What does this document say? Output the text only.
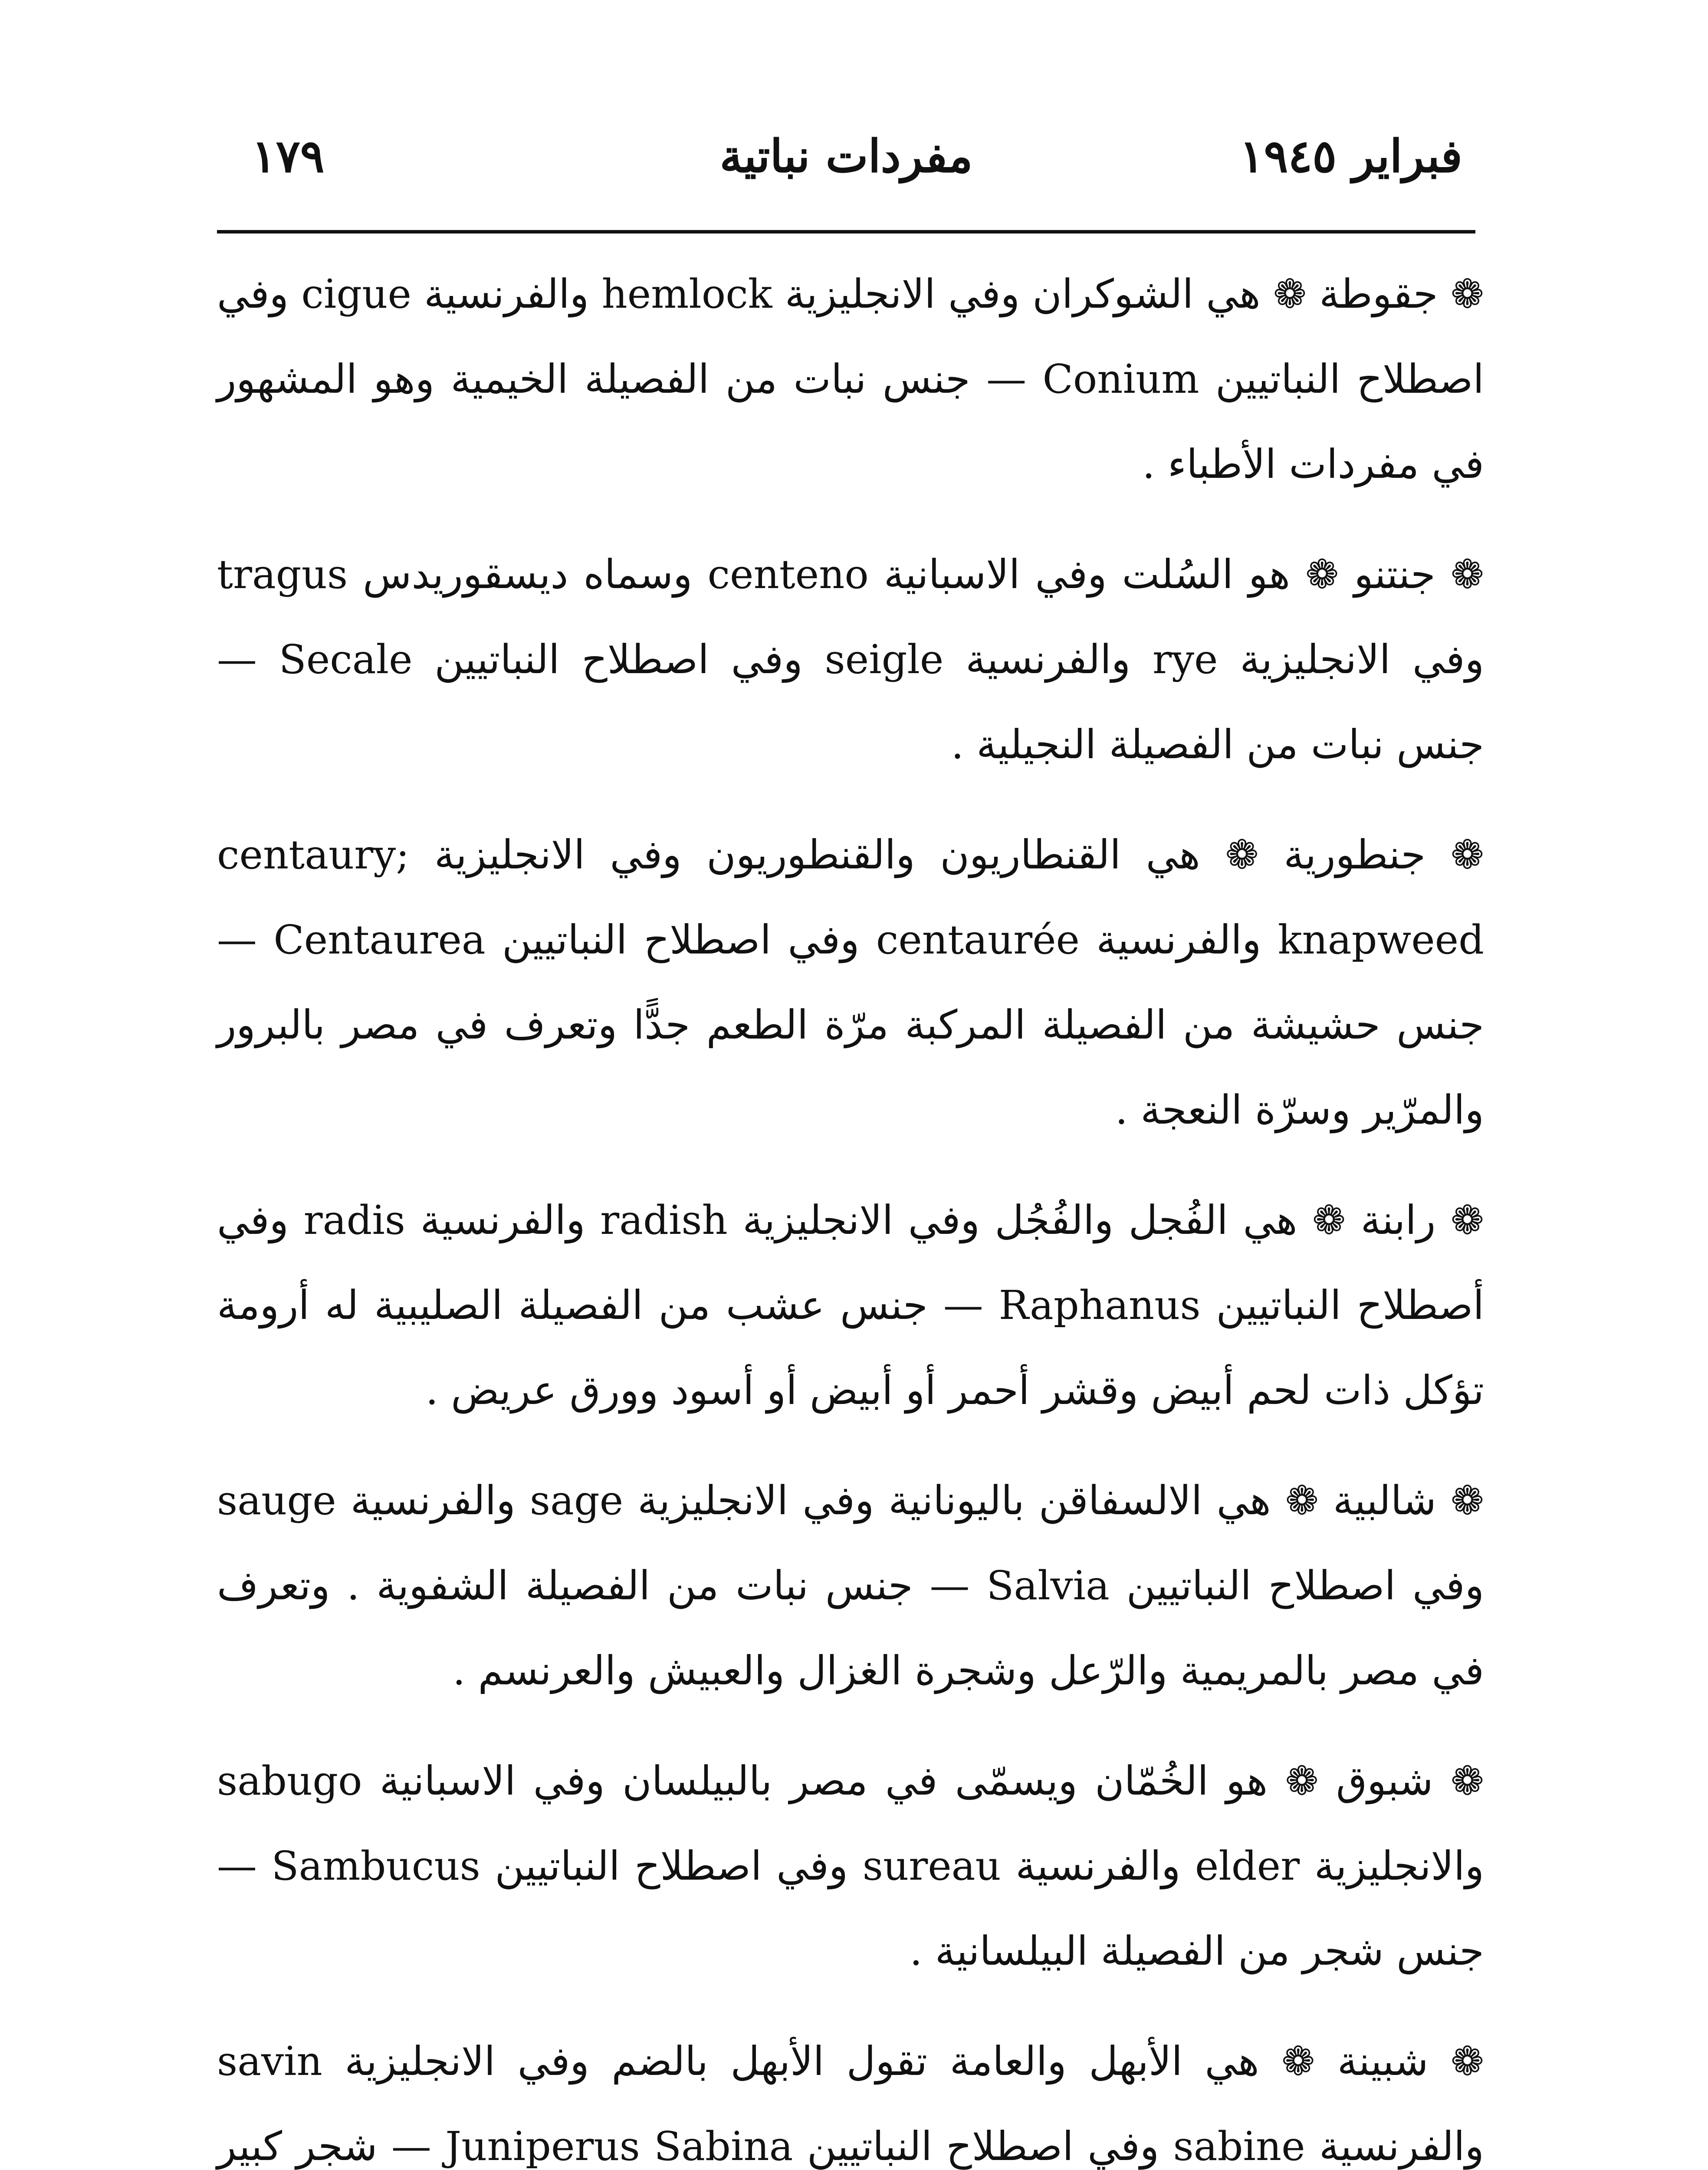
١٧٩	مفردات نباتية	فبراير ١٩٤٥

❁ جقوطة ❁ هي الشوكران وفي الانجليزية hemlock والفرنسية cigue وفي اصطلاح النباتيين Conium — جنس نبات من الفصيلة الخيمية وهو المشهور في مفردات الأطباء .

❁ جنتنو ❁ هو السُلت وفي الاسبانية centeno وسماه ديسقوريدس tragus وفي الانجليزية rye والفرنسية seigle وفي اصطلاح النباتيين Secale — جنس نبات من الفصيلة النجيلية .

❁ جنطورية ❁ هي القنطاريون والقنطوريون وفي الانجليزية centaury; knapweed والفرنسية centaurée وفي اصطلاح النباتيين Centaurea — جنس حشيشة من الفصيلة المركبة مرّة الطعم جدًّا وتعرف في مصر بالبرور والمرّير وسرّة النعجة .

❁ رابنة ❁ هي الفُجل والفُجُل وفي الانجليزية radish والفرنسية radis وفي أصطلاح النباتيين Raphanus — جنس عشب من الفصيلة الصليبية له أرومة تؤكل ذات لحم أبيض وقشر أحمر أو أبيض أو أسود وورق عريض .

❁ شالبية ❁ هي الالسفاقن باليونانية وفي الانجليزية sage والفرنسية sauge وفي اصطلاح النباتيين Salvia — جنس نبات من الفصيلة الشفوية . وتعرف في مصر بالمريمية والرّعل وشجرة الغزال والعبيش والعرنسم .

❁ شبوق ❁ هو الخُمّان ويسمّى في مصر بالبيلسان وفي الاسبانية sabugo والانجليزية elder والفرنسية sureau وفي اصطلاح النباتيين Sambucus — جنس شجر من الفصيلة البيلسانية .

❁ شبينة ❁ هي الأبهل والعامة تقول الأبهل بالضم وفي الانجليزية savin والفرنسية sabine وفي اصطلاح النباتيين Juniperus Sabina — شجر كبير
